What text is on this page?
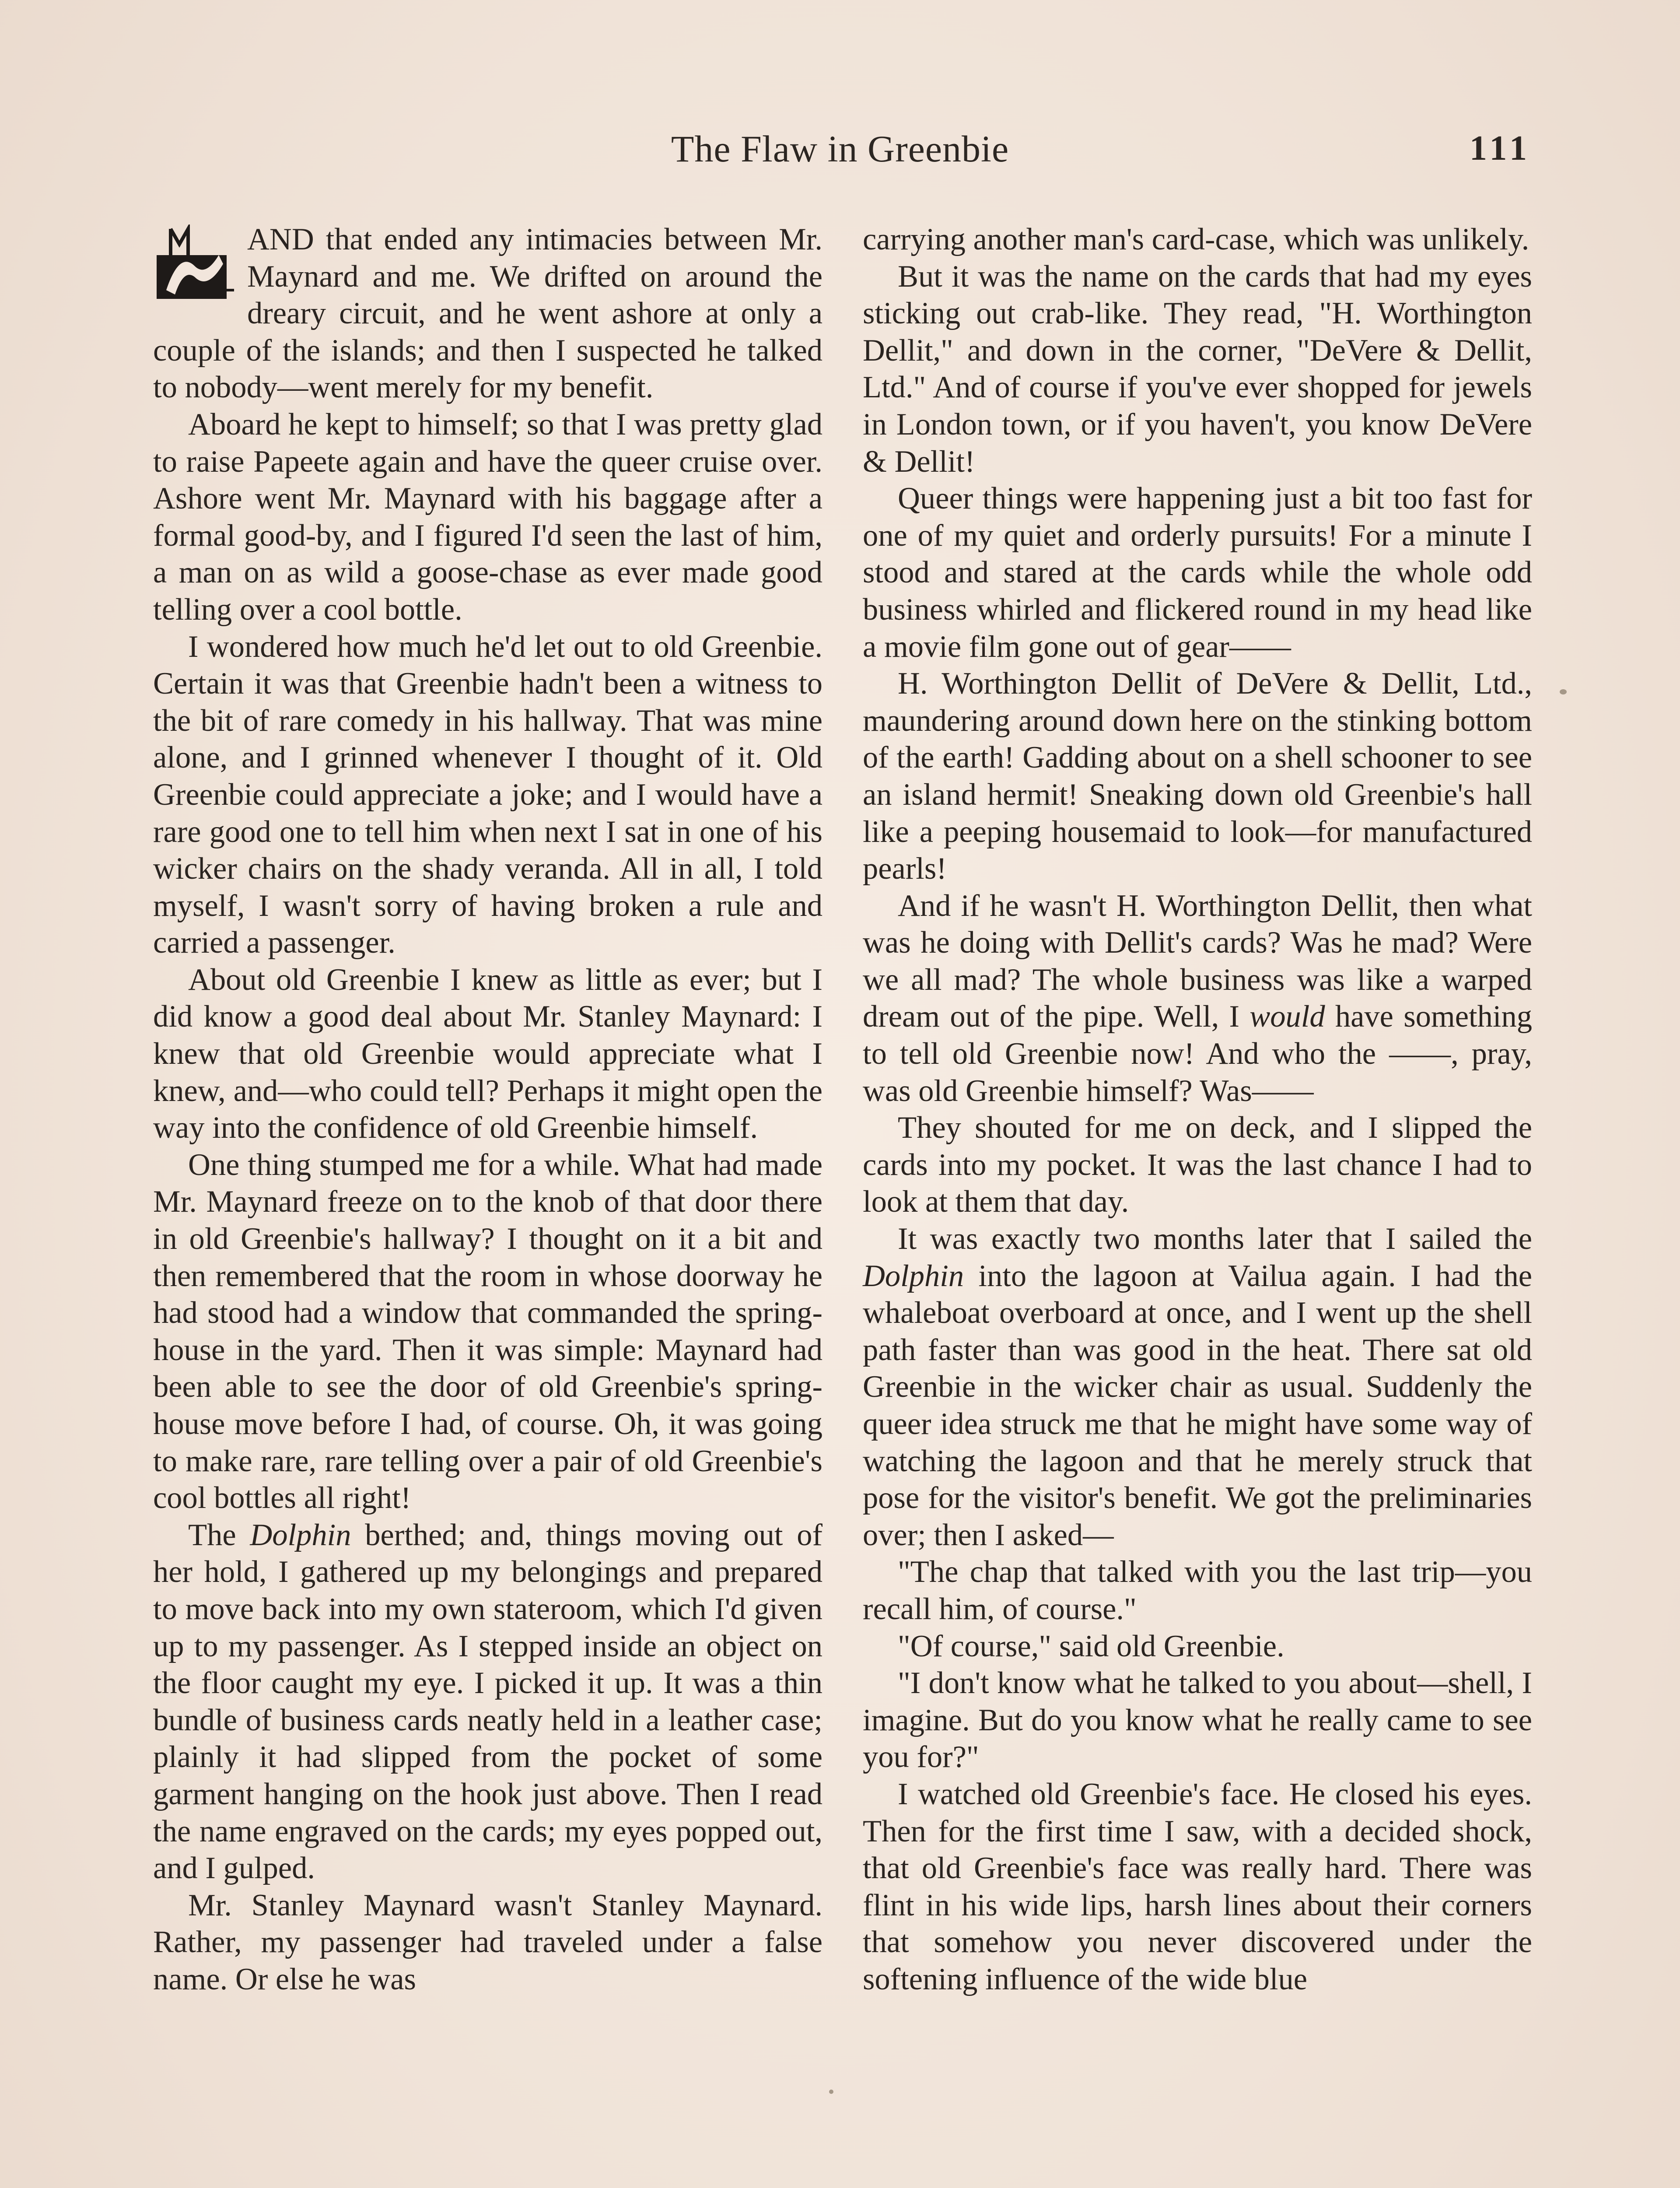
The Flaw in Greenbie	111

AND that ended any intimacies between Mr. Maynard and me. We drifted on around the dreary circuit, and he went ashore at only a couple of the islands; and then I suspected he talked to nobody—went merely for my benefit.

Aboard he kept to himself; so that I was pretty glad to raise Papeete again and have the queer cruise over. Ashore went Mr. Maynard with his baggage after a formal good-by, and I figured I'd seen the last of him, a man on as wild a goose-chase as ever made good telling over a cool bottle.

I wondered how much he'd let out to old Greenbie. Certain it was that Greenbie hadn't been a witness to the bit of rare comedy in his hallway. That was mine alone, and I grinned whenever I thought of it. Old Greenbie could appreciate a joke; and I would have a rare good one to tell him when next I sat in one of his wicker chairs on the shady veranda. All in all, I told myself, I wasn't sorry of having broken a rule and carried a passenger.

About old Greenbie I knew as little as ever; but I did know a good deal about Mr. Stanley Maynard: I knew that old Greenbie would appreciate what I knew, and—who could tell? Perhaps it might open the way into the confidence of old Greenbie himself.

One thing stumped me for a while. What had made Mr. Maynard freeze on to the knob of that door there in old Greenbie's hallway? I thought on it a bit and then remembered that the room in whose doorway he had stood had a window that commanded the spring-house in the yard. Then it was simple: Maynard had been able to see the door of old Greenbie's spring-house move before I had, of course. Oh, it was going to make rare, rare telling over a pair of old Greenbie's cool bottles all right!

The Dolphin berthed; and, things moving out of her hold, I gathered up my belongings and prepared to move back into my own stateroom, which I'd given up to my passenger. As I stepped inside an object on the floor caught my eye. I picked it up. It was a thin bundle of business cards neatly held in a leather case; plainly it had slipped from the pocket of some garment hanging on the hook just above. Then I read the name engraved on the cards; my eyes popped out, and I gulped.

Mr. Stanley Maynard wasn't Stanley Maynard. Rather, my passenger had traveled under a false name. Or else he was

carrying another man's card-case, which was unlikely.

But it was the name on the cards that had my eyes sticking out crab-like. They read, "H. Worthington Dellit," and down in the corner, "DeVere & Dellit, Ltd." And of course if you've ever shopped for jewels in London town, or if you haven't, you know DeVere & Dellit!

Queer things were happening just a bit too fast for one of my quiet and orderly pursuits! For a minute I stood and stared at the cards while the whole odd business whirled and flickered round in my head like a movie film gone out of gear——

H. Worthington Dellit of DeVere & Dellit, Ltd., maundering around down here on the stinking bottom of the earth! Gadding about on a shell schooner to see an island hermit! Sneaking down old Greenbie's hall like a peeping housemaid to look—for manufactured pearls!

And if he wasn't H. Worthington Dellit, then what was he doing with Dellit's cards? Was he mad? Were we all mad? The whole business was like a warped dream out of the pipe. Well, I would have something to tell old Greenbie now! And who the ——, pray, was old Greenbie himself? Was——

They shouted for me on deck, and I slipped the cards into my pocket. It was the last chance I had to look at them that day.

It was exactly two months later that I sailed the Dolphin into the lagoon at Vailua again. I had the whaleboat overboard at once, and I went up the shell path faster than was good in the heat. There sat old Greenbie in the wicker chair as usual. Suddenly the queer idea struck me that he might have some way of watching the lagoon and that he merely struck that pose for the visitor's benefit. We got the preliminaries over; then I asked—

"The chap that talked with you the last trip—you recall him, of course."

"Of course," said old Greenbie.

"I don't know what he talked to you about—shell, I imagine. But do you know what he really came to see you for?"

I watched old Greenbie's face. He closed his eyes. Then for the first time I saw, with a decided shock, that old Greenbie's face was really hard. There was flint in his wide lips, harsh lines about their corners that somehow you never discovered under the softening influence of the wide blue
